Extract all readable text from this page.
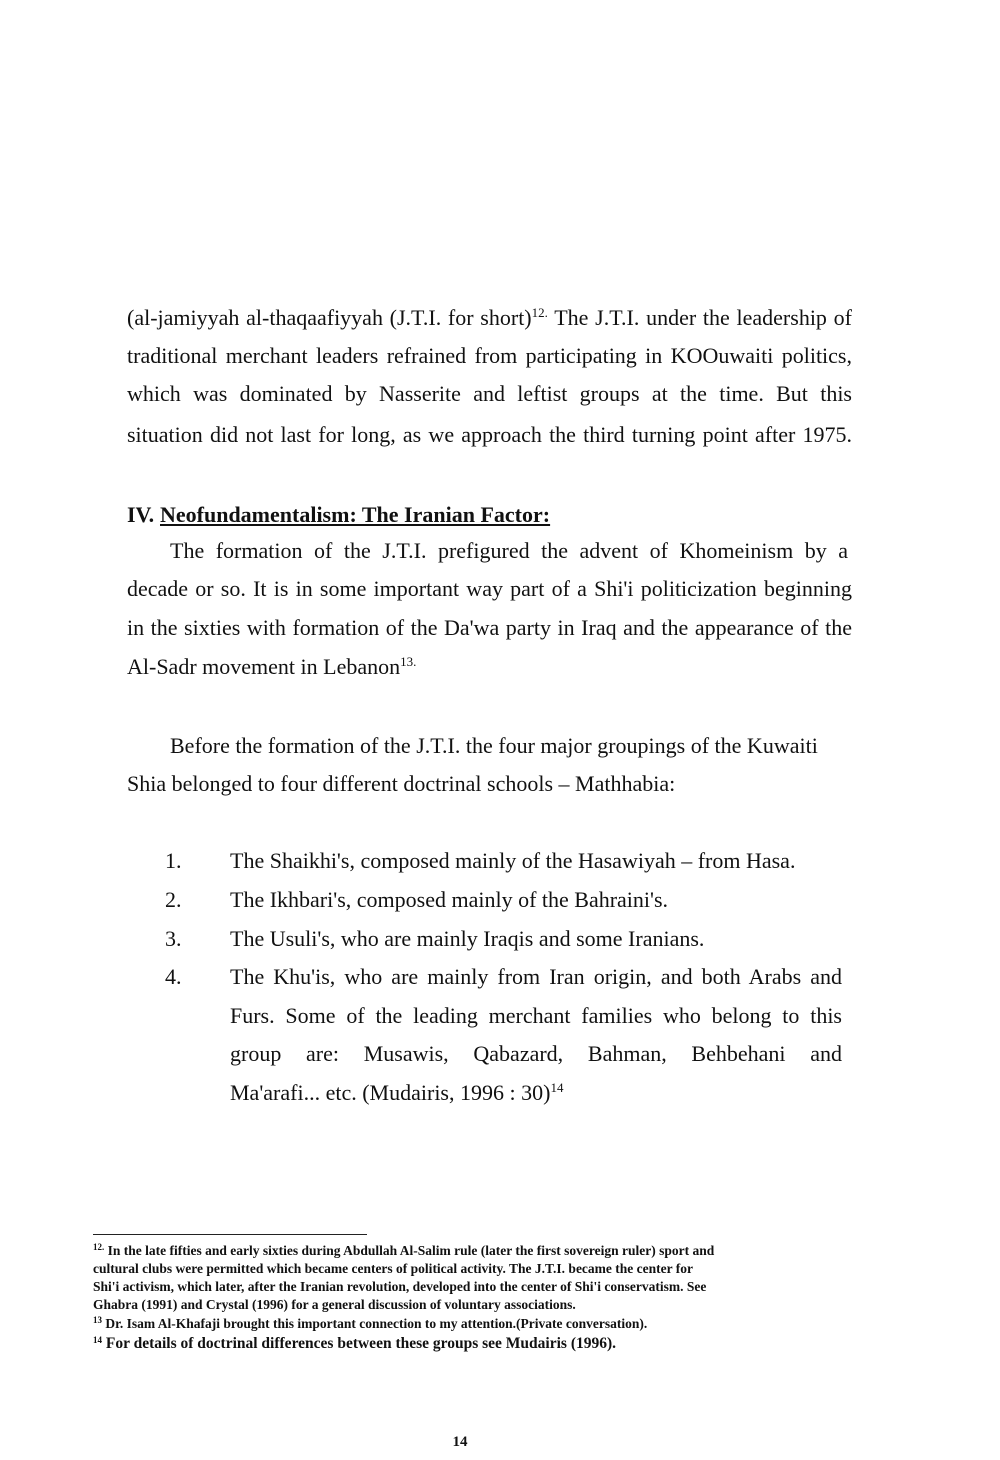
(al-jamiyyah al-thaqaafiyyah (J.T.I. for short)$^{12.}$ The J.T.I. under the leadership of
traditional merchant leaders refrained from participating in KOOuwaiti politics,
which was dominated by Nasserite and leftist groups at the time. But this
situation did not last for long, as we approach the third turning point after 1975.
IV. Neofundamentalism: The Iranian Factor:
The formation of the J.T.I. prefigured the advent of Khomeinism by a
decade or so. It is in some important way part of a Shi'i politicization beginning
in the sixties with formation of the Da'wa party in Iraq and the appearance of the
Al-Sadr movement in Lebanon$^{13.}$
Before the formation of the J.T.I. the four major groupings of the Kuwaiti
Shia belonged to four different doctrinal schools – Mathhabia:
1. The Shaikhi's, composed mainly of the Hasawiyah – from Hasa.
2. The Ikhbari's, composed mainly of the Bahraini's.
3. The Usuli's, who are mainly Iraqis and some Iranians.
4. The Khu'is, who are mainly from Iran origin, and both Arabs and
Furs. Some of the leading merchant families who belong to this
group are: Musawis, Qabazard, Bahman, Behbehani and
Ma'arafi... etc. (Mudairis, 1996 : 30)$^{14}$
$^{12.}$ In the late fifties and early sixties during Abdullah Al-Salim rule (later the first sovereign ruler) sport and
cultural clubs were permitted which became centers of political activity. The J.T.I. became the center for
Shi'i activism, which later, after the Iranian revolution, developed into the center of Shi'i conservatism. See
Ghabra (1991) and Crystal (1996) for a general discussion of voluntary associations.
$^{13}$ Dr. Isam Al-Khafaji brought this important connection to my attention.(Private conversation).
$^{14}$ For details of doctrinal differences between these groups see Mudairis (1996).
14
